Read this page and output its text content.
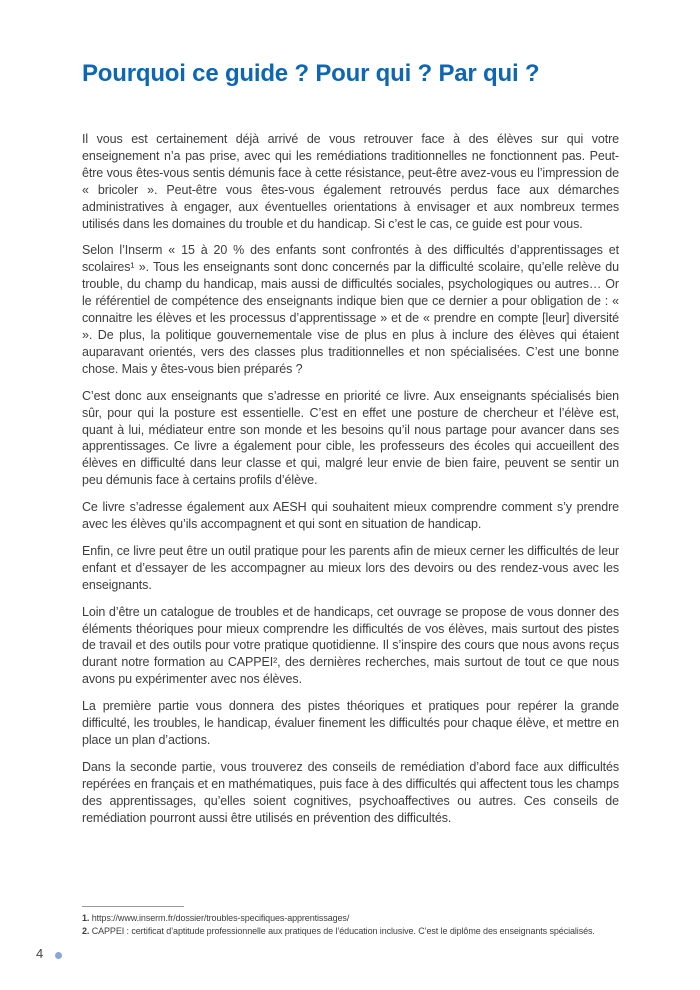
Pourquoi ce guide ? Pour qui ? Par qui ?

Il vous est certainement déjà arrivé de vous retrouver face à des élèves sur qui votre enseignement n’a pas prise, avec qui les remédiations traditionnelles ne fonctionnent pas. Peut-être vous êtes-vous sentis démunis face à cette résistance, peut-être avez-vous eu l’impression de « bricoler ». Peut-être vous êtes-vous également retrouvés perdus face aux démarches administratives à engager, aux éventuelles orientations à envisager et aux nombreux termes utilisés dans les domaines du trouble et du handicap. Si c’est le cas, ce guide est pour vous.

Selon l’Inserm « 15 à 20 % des enfants sont confrontés à des difficultés d’apprentissages et scolaires¹ ». Tous les enseignants sont donc concernés par la difficulté scolaire, qu’elle relève du trouble, du champ du handicap, mais aussi de difficultés sociales, psychologiques ou autres… Or le référentiel de compétence des enseignants indique bien que ce dernier a pour obligation de : « connaitre les élèves et les processus d’apprentissage » et de « prendre en compte [leur] diversité ». De plus, la politique gouvernementale vise de plus en plus à inclure des élèves qui étaient auparavant orientés, vers des classes plus traditionnelles et non spécialisées. C’est une bonne chose. Mais y êtes-vous bien préparés ?

C’est donc aux enseignants que s’adresse en priorité ce livre. Aux enseignants spécialisés bien sûr, pour qui la posture est essentielle. C’est en effet une posture de chercheur et l’élève est, quant à lui, médiateur entre son monde et les besoins qu’il nous partage pour avancer dans ses apprentissages. Ce livre a également pour cible, les professeurs des écoles qui accueillent des élèves en difficulté dans leur classe et qui, malgré leur envie de bien faire, peuvent se sentir un peu démunis face à certains profils d’élève.

Ce livre s’adresse également aux AESH qui souhaitent mieux comprendre comment s’y prendre avec les élèves qu’ils accompagnent et qui sont en situation de handicap.

Enfin, ce livre peut être un outil pratique pour les parents afin de mieux cerner les difficultés de leur enfant et d’essayer de les accompagner au mieux lors des devoirs ou des rendez-vous avec les enseignants.

Loin d’être un catalogue de troubles et de handicaps, cet ouvrage se propose de vous donner des éléments théoriques pour mieux comprendre les difficultés de vos élèves, mais surtout des pistes de travail et des outils pour votre pratique quotidienne. Il s’inspire des cours que nous avons reçus durant notre formation au CAPPEI², des dernières recherches, mais surtout de tout ce que nous avons pu expérimenter avec nos élèves.

La première partie vous donnera des pistes théoriques et pratiques pour repérer la grande difficulté, les troubles, le handicap, évaluer finement les difficultés pour chaque élève, et mettre en place un plan d’actions.

Dans la seconde partie, vous trouverez des conseils de remédiation d’abord face aux difficultés repérées en français et en mathématiques, puis face à des difficultés qui affectent tous les champs des apprentissages, qu’elles soient cognitives, psychoaffectives ou autres. Ces conseils de remédiation pourront aussi être utilisés en prévention des difficultés.

1. https://www.inserm.fr/dossier/troubles-specifiques-apprentissages/
2. CAPPEI : certificat d’aptitude professionnelle aux pratiques de l’éducation inclusive. C’est le diplôme des enseignants spécialisés.
4
